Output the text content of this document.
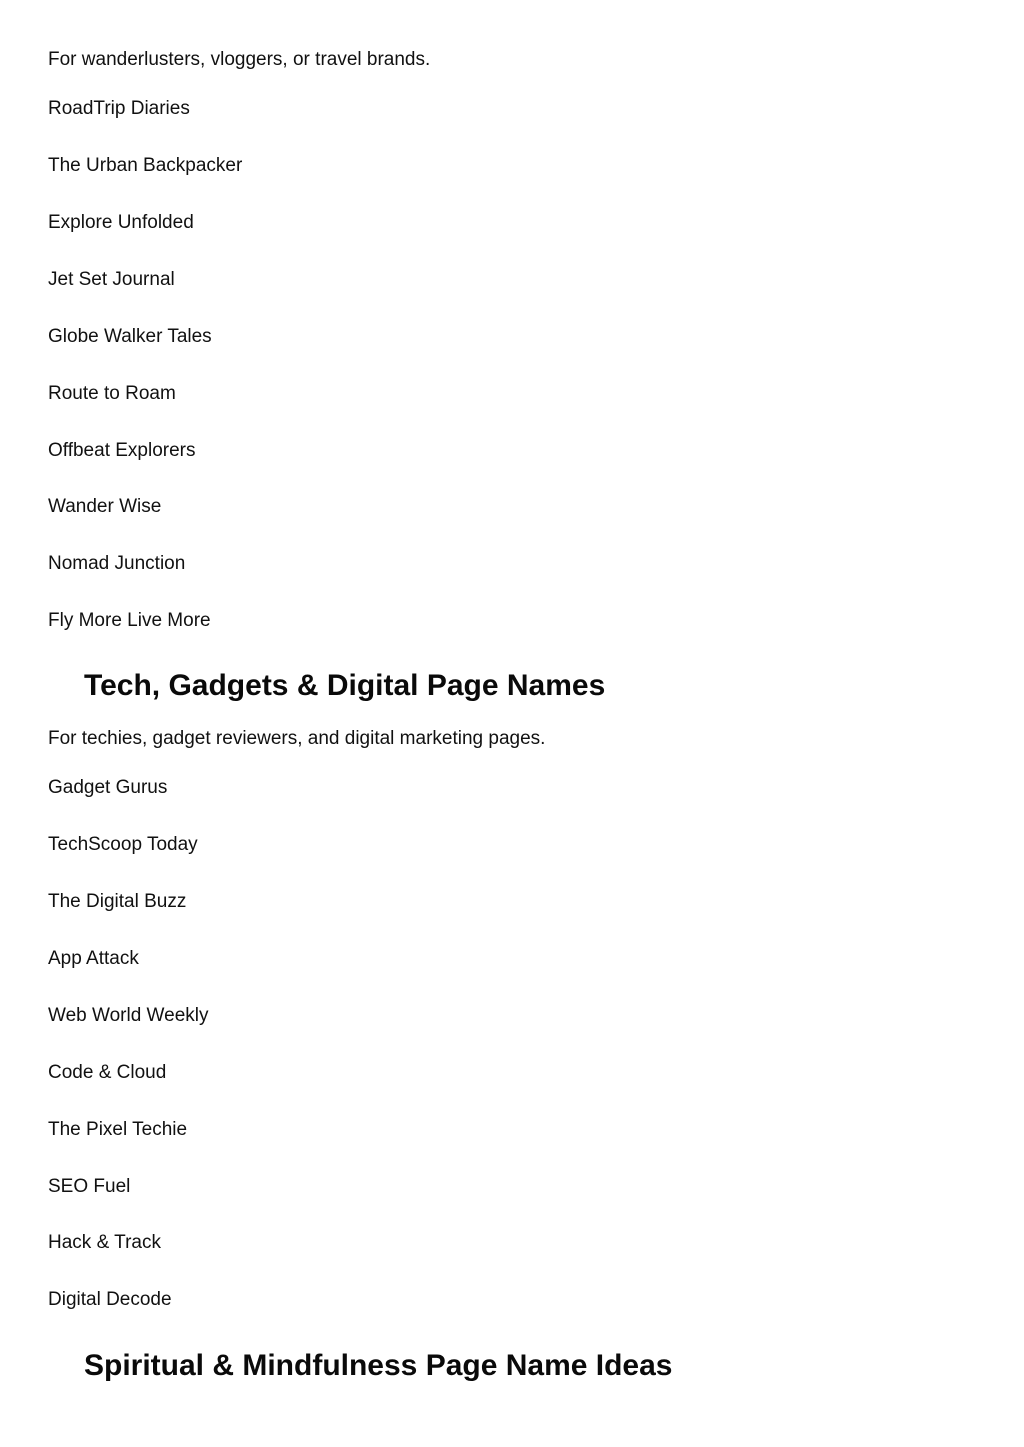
For wanderlusters, vloggers, or travel brands.

RoadTrip Diaries
The Urban Backpacker
Explore Unfolded
Jet Set Journal
Globe Walker Tales
Route to Roam
Offbeat Explorers
Wander Wise
Nomad Junction
Fly More Live More
Tech, Gadgets & Digital Page Names

For techies, gadget reviewers, and digital marketing pages.

Gadget Gurus
TechScoop Today
The Digital Buzz
App Attack
Web World Weekly
Code & Cloud
The Pixel Techie
SEO Fuel
Hack & Track
Digital Decode
Spiritual & Mindfulness Page Name Ideas
